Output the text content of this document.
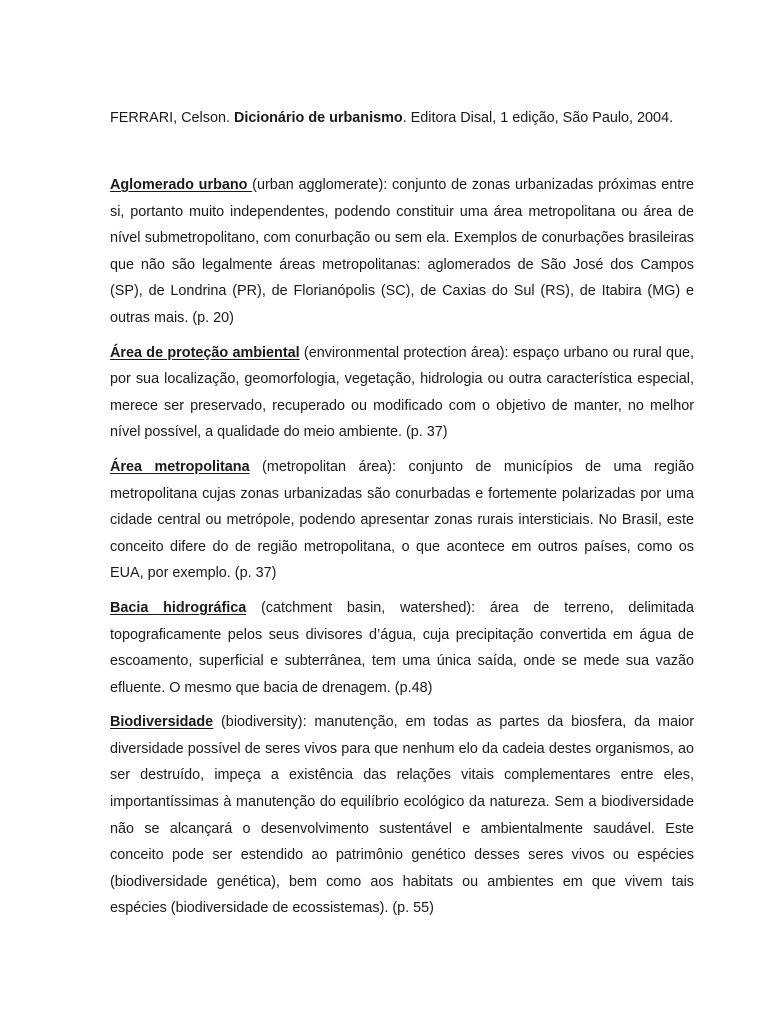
FERRARI, Celson. Dicionário de urbanismo. Editora Disal, 1 edição, São Paulo, 2004.

Aglomerado urbano (urban agglomerate): conjunto de zonas urbanizadas próximas entre si, portanto muito independentes, podendo constituir uma área metropolitana ou área de nível submetropolitano, com conurbação ou sem ela. Exemplos de conurbações brasileiras que não são legalmente áreas metropolitanas: aglomerados de São José dos Campos (SP), de Londrina (PR), de Florianópolis (SC), de Caxias do Sul (RS), de Itabira (MG) e outras mais. (p. 20)

Área de proteção ambiental (environmental protection área): espaço urbano ou rural que, por sua localização, geomorfologia, vegetação, hidrologia ou outra característica especial, merece ser preservado, recuperado ou modificado com o objetivo de manter, no melhor nível possível, a qualidade do meio ambiente. (p. 37)

Área metropolitana (metropolitan área): conjunto de municípios de uma região metropolitana cujas zonas urbanizadas são conurbadas e fortemente polarizadas por uma cidade central ou metrópole, podendo apresentar zonas rurais intersticiais. No Brasil, este conceito difere do de região metropolitana, o que acontece em outros países, como os EUA, por exemplo. (p. 37)

Bacia hidrográfica (catchment basin, watershed): área de terreno, delimitada topograficamente pelos seus divisores d’água, cuja precipitação convertida em água de escoamento, superficial e subterrânea, tem uma única saída, onde se mede sua vazão efluente. O mesmo que bacia de drenagem. (p.48)

Biodiversidade (biodiversity): manutenção, em todas as partes da biosfera, da maior diversidade possível de seres vivos para que nenhum elo da cadeia destes organismos, ao ser destruído, impeça a existência das relações vitais complementares entre eles, importantíssimas à manutenção do equilíbrio ecológico da natureza. Sem a biodiversidade não se alcançará o desenvolvimento sustentável e ambientalmente saudável. Este conceito pode ser estendido ao patrimônio genético desses seres vivos ou espécies (biodiversidade genética), bem como aos habitats ou ambientes em que vivem tais espécies (biodiversidade de ecossistemas). (p. 55)
